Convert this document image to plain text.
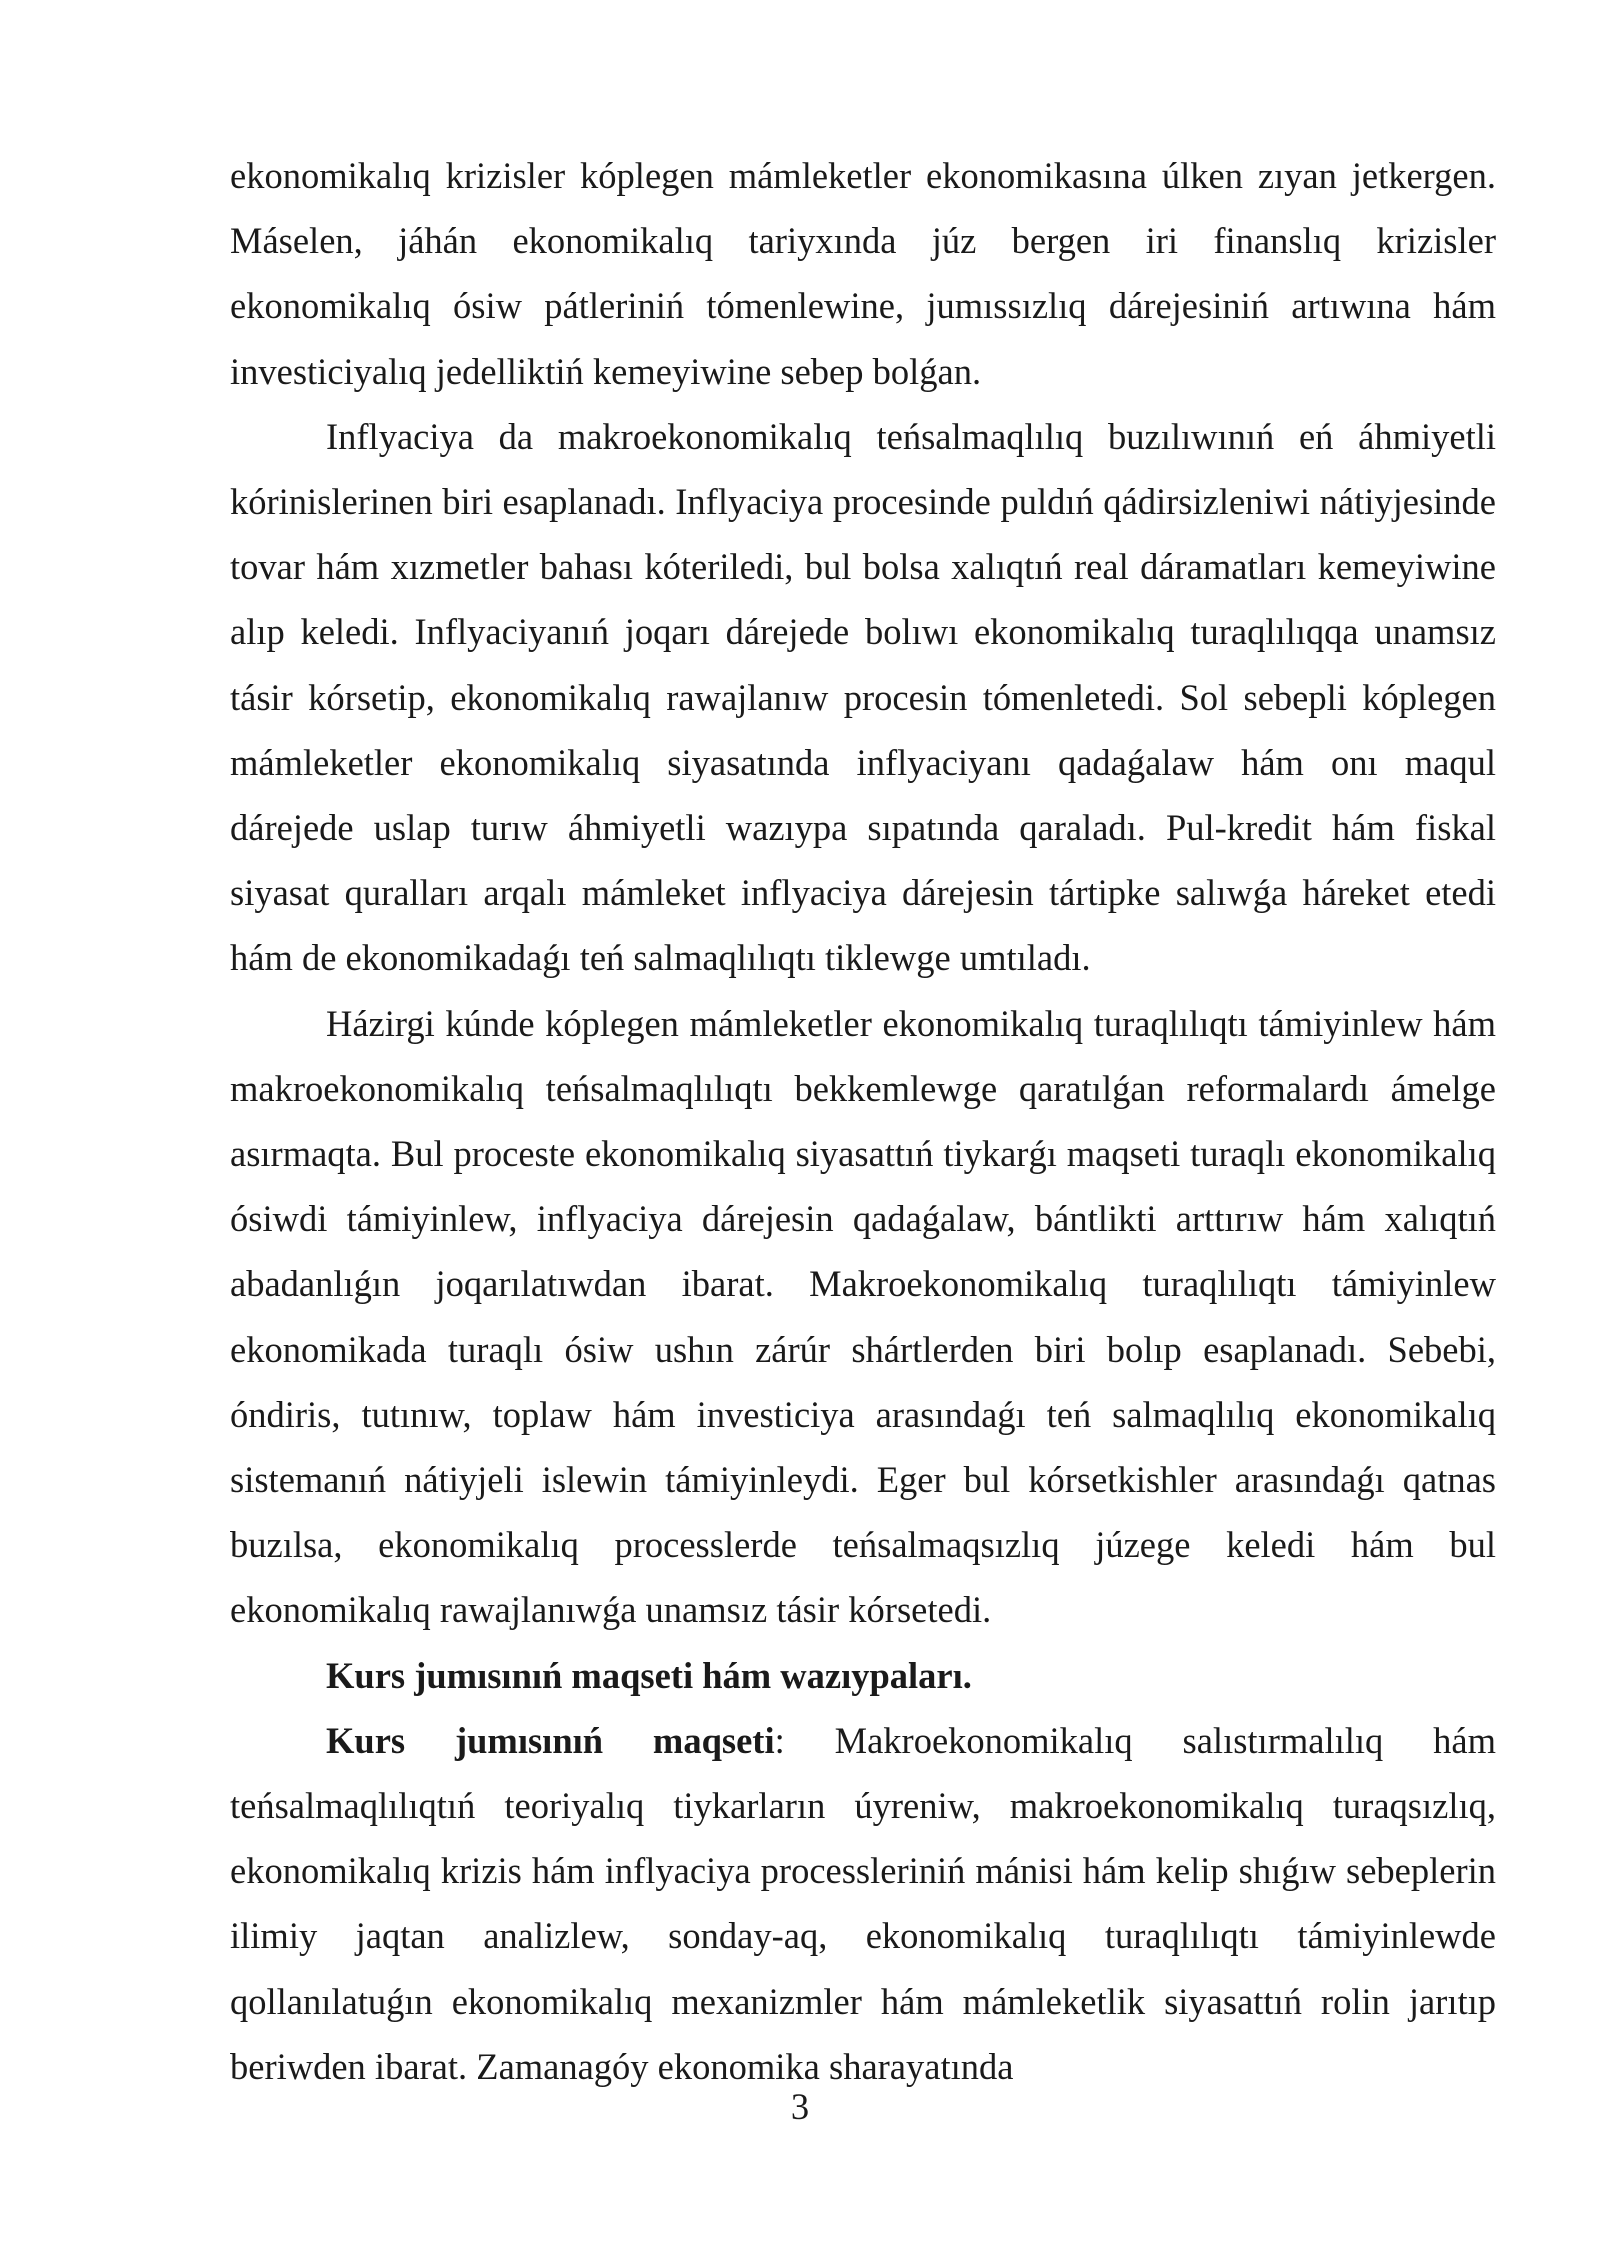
ekonomikalıq krizisler kóplegen mámleketler ekonomikasına úlken zıyan jetkergen. Máselen, jáhán ekonomikalıq tariyxında júz bergen iri finanslıq krizisler ekonomikalıq ósiw pátleriniń tómenlewine, jumıssızlıq dárejesiniń artıwına hám investiciyalıq jedelliktiń kemeyiwine sebep bolǵan.

Inflyaciya da makroekonomikalıq teńsalmaqlılıq buzılıwınıń eń áhmiyetli kórinislerinen biri esaplanadı. Inflyaciya procesinde puldıń qádirsizleniwi nátiyjesinde tovar hám xızmetler bahası kóteriledi, bul bolsa xalıqtıń real dáramatları kemeyiwine alıp keledi. Inflyaciyanıń joqarı dárejede bolıwı ekonomikalıq turaqlılıqqa unamsız tásir kórsetip, ekonomikalıq rawajlanıw procesin tómenletedi. Sol sebepli kóplegen mámleketler ekonomikalıq siyasatında inflyaciyanı qadaǵalaw hám onı maqul dárejede uslap turıw áhmiyetli wazıypa sıpatında qaraladı. Pul-kredit hám fiskal siyasat quralları arqalı mámleket inflyaciya dárejesin tártipke salıwǵa háreket etedi hám de ekonomikadaǵı teń salmaqlılıqtı tiklewge umtıladı.

Házirgi kúnde kóplegen mámleketler ekonomikalıq turaqlılıqtı támiyinlew hám makroekonomikalıq teńsalmaqlılıqtı bekkemlewge qaratılǵan reformalardı ámelge asırmaqta. Bul proceste ekonomikalıq siyasattıń tiykarǵı maqseti turaqlı ekonomikalıq ósiwdi támiyinlew, inflyaciya dárejesin qadaǵalaw, bántlikti arttırıw hám xalıqtıń abadanlıǵın joqarılatıwdan ibarat. Makroekonomikalıq turaqlılıqtı támiyinlew ekonomikada turaqlı ósiw ushın zárúr shártlerden biri bolıp esaplanadı. Sebebi, óndiris, tutınıw, toplaw hám investiciya arasındaǵı teń salmaqlılıq ekonomikalıq sistemanıń nátiyjeli islewin támiyinleydi. Eger bul kórsetkishler arasındaǵı qatnas buzılsa, ekonomikalıq processlerde teńsalmaqsızlıq júzege keledi hám bul ekonomikalıq rawajlanıwǵa unamsız tásir kórsetedi.

Kurs jumısınıń maqseti hám wazıypaları.

Kurs jumısınıń maqseti: Makroekonomikalıq salıstırmalılıq hám teńsalmaqlılıqtıń teoriyalıq tiykarların úyreniw, makroekonomikalıq turaqsızlıq, ekonomikalıq krizis hám inflyaciya processleriniń mánisi hám kelip shıǵıw sebeplerin ilimiy jaqtan analizlew, sonday-aq, ekonomikalıq turaqlılıqtı támiyinlewde qollanılatuǵın ekonomikalıq mexanizmler hám mámleketlik siyasattıń rolin jarıtıp beriwden ibarat. Zamanagóy ekonomika sharayatında

3
